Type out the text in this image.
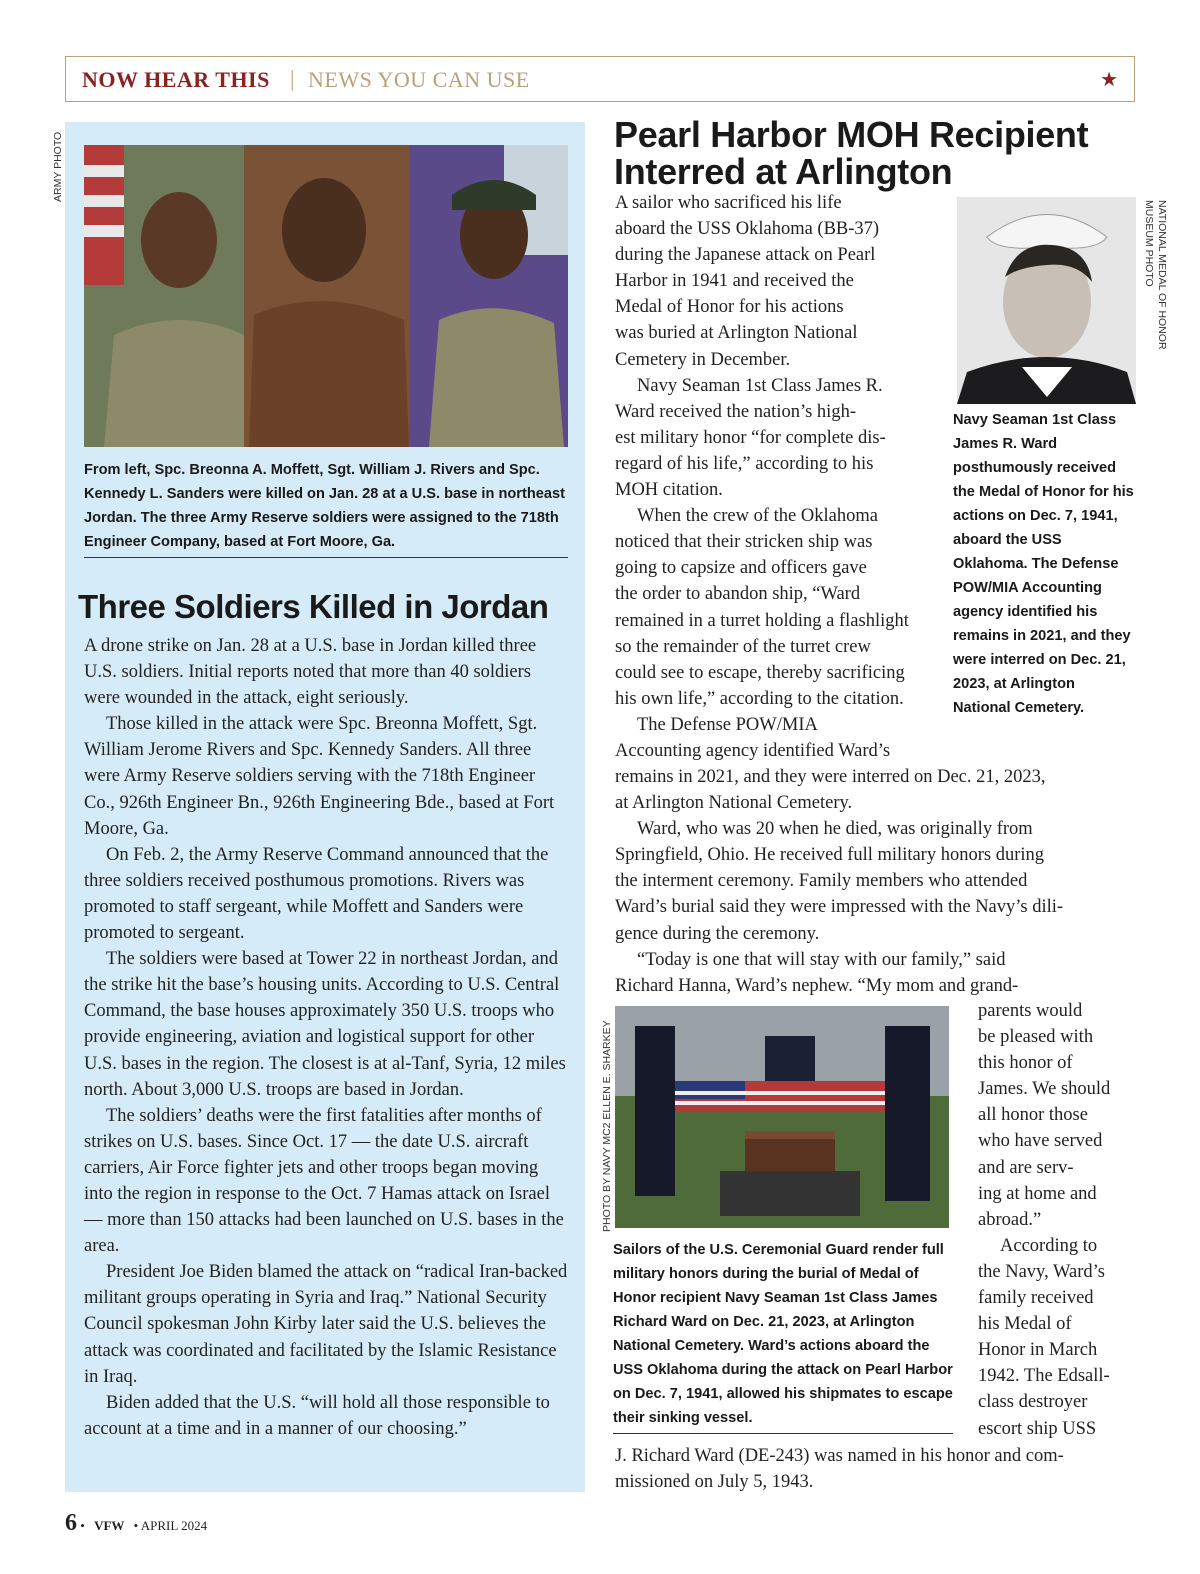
NOW HEAR THIS | NEWS YOU CAN USE	★
ARMY PHOTO
From left, Spc. Breonna A. Moffett, Sgt. William J. Rivers and Spc. Kennedy L. Sanders were killed on Jan. 28 at a U.S. base in northeast Jordan. The three Army Reserve soldiers were assigned to the 718th Engineer Company, based at Fort Moore, Ga.
Three Soldiers Killed in Jordan

A drone strike on Jan. 28 at a U.S. base in Jordan killed three U.S. soldiers. Initial reports noted that more than 40 soldiers were wounded in the attack, eight seriously.

Those killed in the attack were Spc. Breonna Moffett, Sgt. William Jerome Rivers and Spc. Kennedy Sanders. All three were Army Reserve soldiers serving with the 718th Engineer Co., 926th Engineer Bn., 926th Engineering Bde., based at Fort Moore, Ga.

On Feb. 2, the Army Reserve Command announced that the three soldiers received posthumous promotions. Rivers was promoted to staff sergeant, while Moffett and Sanders were promoted to sergeant.

The soldiers were based at Tower 22 in northeast Jordan, and the strike hit the base’s housing units. According to U.S. Central Command, the base houses approximately 350 U.S. troops who provide engineering, aviation and logistical support for other U.S. bases in the region. The closest is at al-Tanf, Syria, 12 miles north. About 3,000 U.S. troops are based in Jordan.

The soldiers’ deaths were the first fatalities after months of strikes on U.S. bases. Since Oct. 17 — the date U.S. aircraft carriers, Air Force fighter jets and other troops began moving into the region in response to the Oct. 7 Hamas attack on Israel — more than 150 attacks had been launched on U.S. bases in the area.

President Joe Biden blamed the attack on “radical Iran-backed militant groups operating in Syria and Iraq.” National Security Council spokesman John Kirby later said the U.S. believes the attack was coordinated and facilitated by the Islamic Resistance in Iraq.

Biden added that the U.S. “will hold all those responsible to account at a time and in a manner of our choosing.”

Pearl Harbor MOH Recipient
Interred at Arlington
NATIONAL MEDAL OF HONOR
MUSEUM PHOTO
Navy Seaman 1st Class James R. Ward posthumously received the Medal of Honor for his actions on Dec. 7, 1941, aboard the USS Oklahoma. The Defense POW/MIA Accounting agency identified his remains in 2021, and they were interred on Dec. 21, 2023, at Arlington National Cemetery.
A sailor who sacrificed his life
aboard the USS Oklahoma (BB-37)
during the Japanese attack on Pearl
Harbor in 1941 and received the
Medal of Honor for his actions
was buried at Arlington National
Cemetery in December.
Navy Seaman 1st Class James R.
Ward received the nation’s high-
est military honor “for complete dis-
regard of his life,” according to his
MOH citation.
When the crew of the Oklahoma
noticed that their stricken ship was
going to capsize and officers gave
the order to abandon ship, “Ward
remained in a turret holding a flashlight
so the remainder of the turret crew
could see to escape, thereby sacrificing
his own life,” according to the citation.
The Defense POW/MIA
Accounting agency identified Ward’s
remains in 2021, and they were interred on Dec. 21, 2023,
at Arlington National Cemetery.
Ward, who was 20 when he died, was originally from
Springfield, Ohio. He received full military honors during
the interment ceremony. Family members who attended
Ward’s burial said they were impressed with the Navy’s dili-
gence during the ceremony.
“Today is one that will stay with our family,” said
Richard Hanna, Ward’s nephew. “My mom and grand-
PHOTO BY NAVY MC2 ELLEN E. SHARKEY
parents would
be pleased with
this honor of
James. We should
all honor those
who have served
and are serv-
ing at home and
abroad.”
According to
the Navy, Ward’s
family received
his Medal of
Honor in March
1942. The Edsall-
class destroyer
escort ship USS
Sailors of the U.S. Ceremonial Guard render full military honors during the burial of Medal of Honor recipient Navy Seaman 1st Class James Richard Ward on Dec. 21, 2023, at Arlington National Cemetery. Ward’s actions aboard the USS Oklahoma during the attack on Pearl Harbor on Dec. 7, 1941, allowed his shipmates to escape their sinking vessel.
J. Richard Ward (DE-243) was named in his honor and com-
missioned on July 5, 1943.
6 • VFW • APRIL 2024
